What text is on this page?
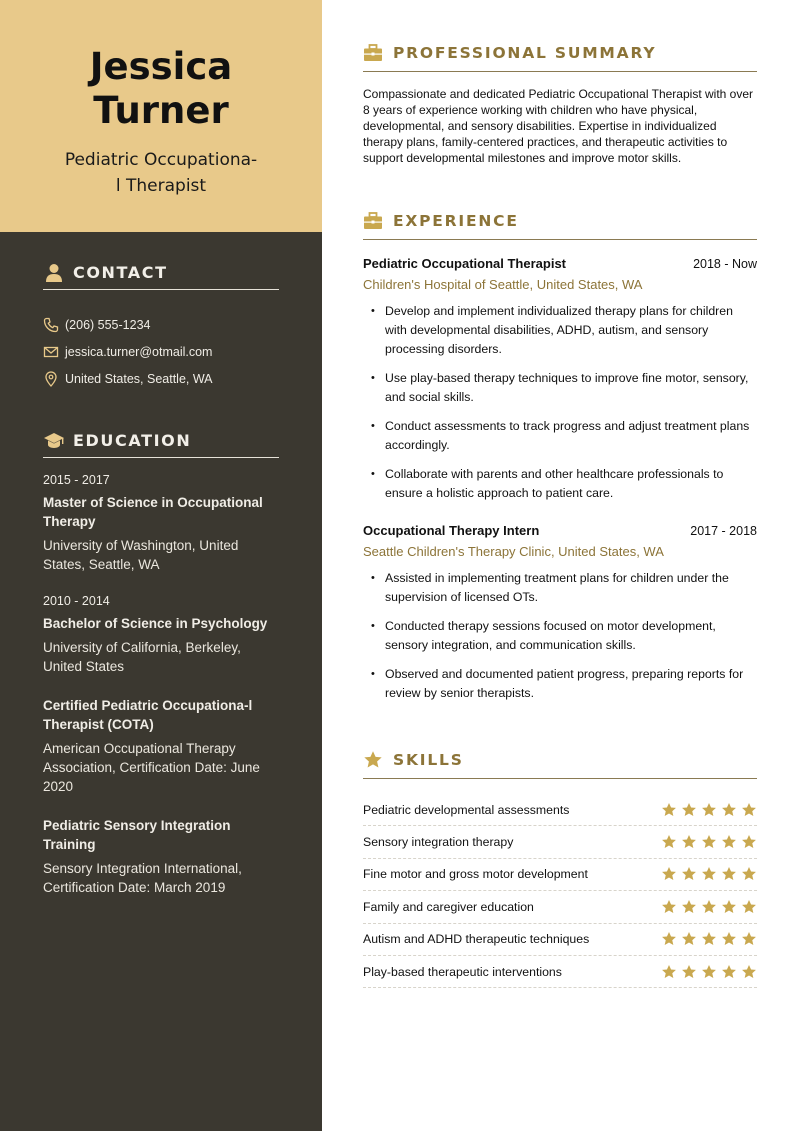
Jessica
Turner
Pediatric Occupationa-
l Therapist
CONTACT
(206) 555-1234
jessica.turner@otmail.com
United States, Seattle, WA
EDUCATION
2015 - 2017
Master of Science in Occupational Therapy
University of Washington, United States, Seattle, WA
2010 - 2014
Bachelor of Science in Psychology
University of California, Berkeley, United States
Certified Pediatric Occupationa-l Therapist (COTA)
American Occupational Therapy Association, Certification Date: June 2020
Pediatric Sensory Integration Training
Sensory Integration International, Certification Date: March 2019
PROFESSIONAL SUMMARY

Compassionate and dedicated Pediatric Occupational Therapist with over 8 years of experience working with children who have physical, developmental, and sensory disabilities. Expertise in individualized therapy plans, family-centered practices, and therapeutic activities to support developmental milestones and improve motor skills.

EXPERIENCE
Pediatric Occupational Therapist	2018 - Now
Children's Hospital of Seattle, United States, WA
• Develop and implement individualized therapy plans for children with developmental disabilities, ADHD, autism, and sensory processing disorders.
• Use play-based therapy techniques to improve fine motor, sensory, and social skills.
• Conduct assessments to track progress and adjust treatment plans accordingly.
• Collaborate with parents and other healthcare professionals to ensure a holistic approach to patient care.
Occupational Therapy Intern	2017 - 2018
Seattle Children's Therapy Clinic, United States, WA
• Assisted in implementing treatment plans for children under the supervision of licensed OTs.
• Conducted therapy sessions focused on motor development, sensory integration, and communication skills.
• Observed and documented patient progress, preparing reports for review by senior therapists.
SKILLS
Pediatric developmental assessments
Sensory integration therapy
Fine motor and gross motor development
Family and caregiver education
Autism and ADHD therapeutic techniques
Play-based therapeutic interventions
